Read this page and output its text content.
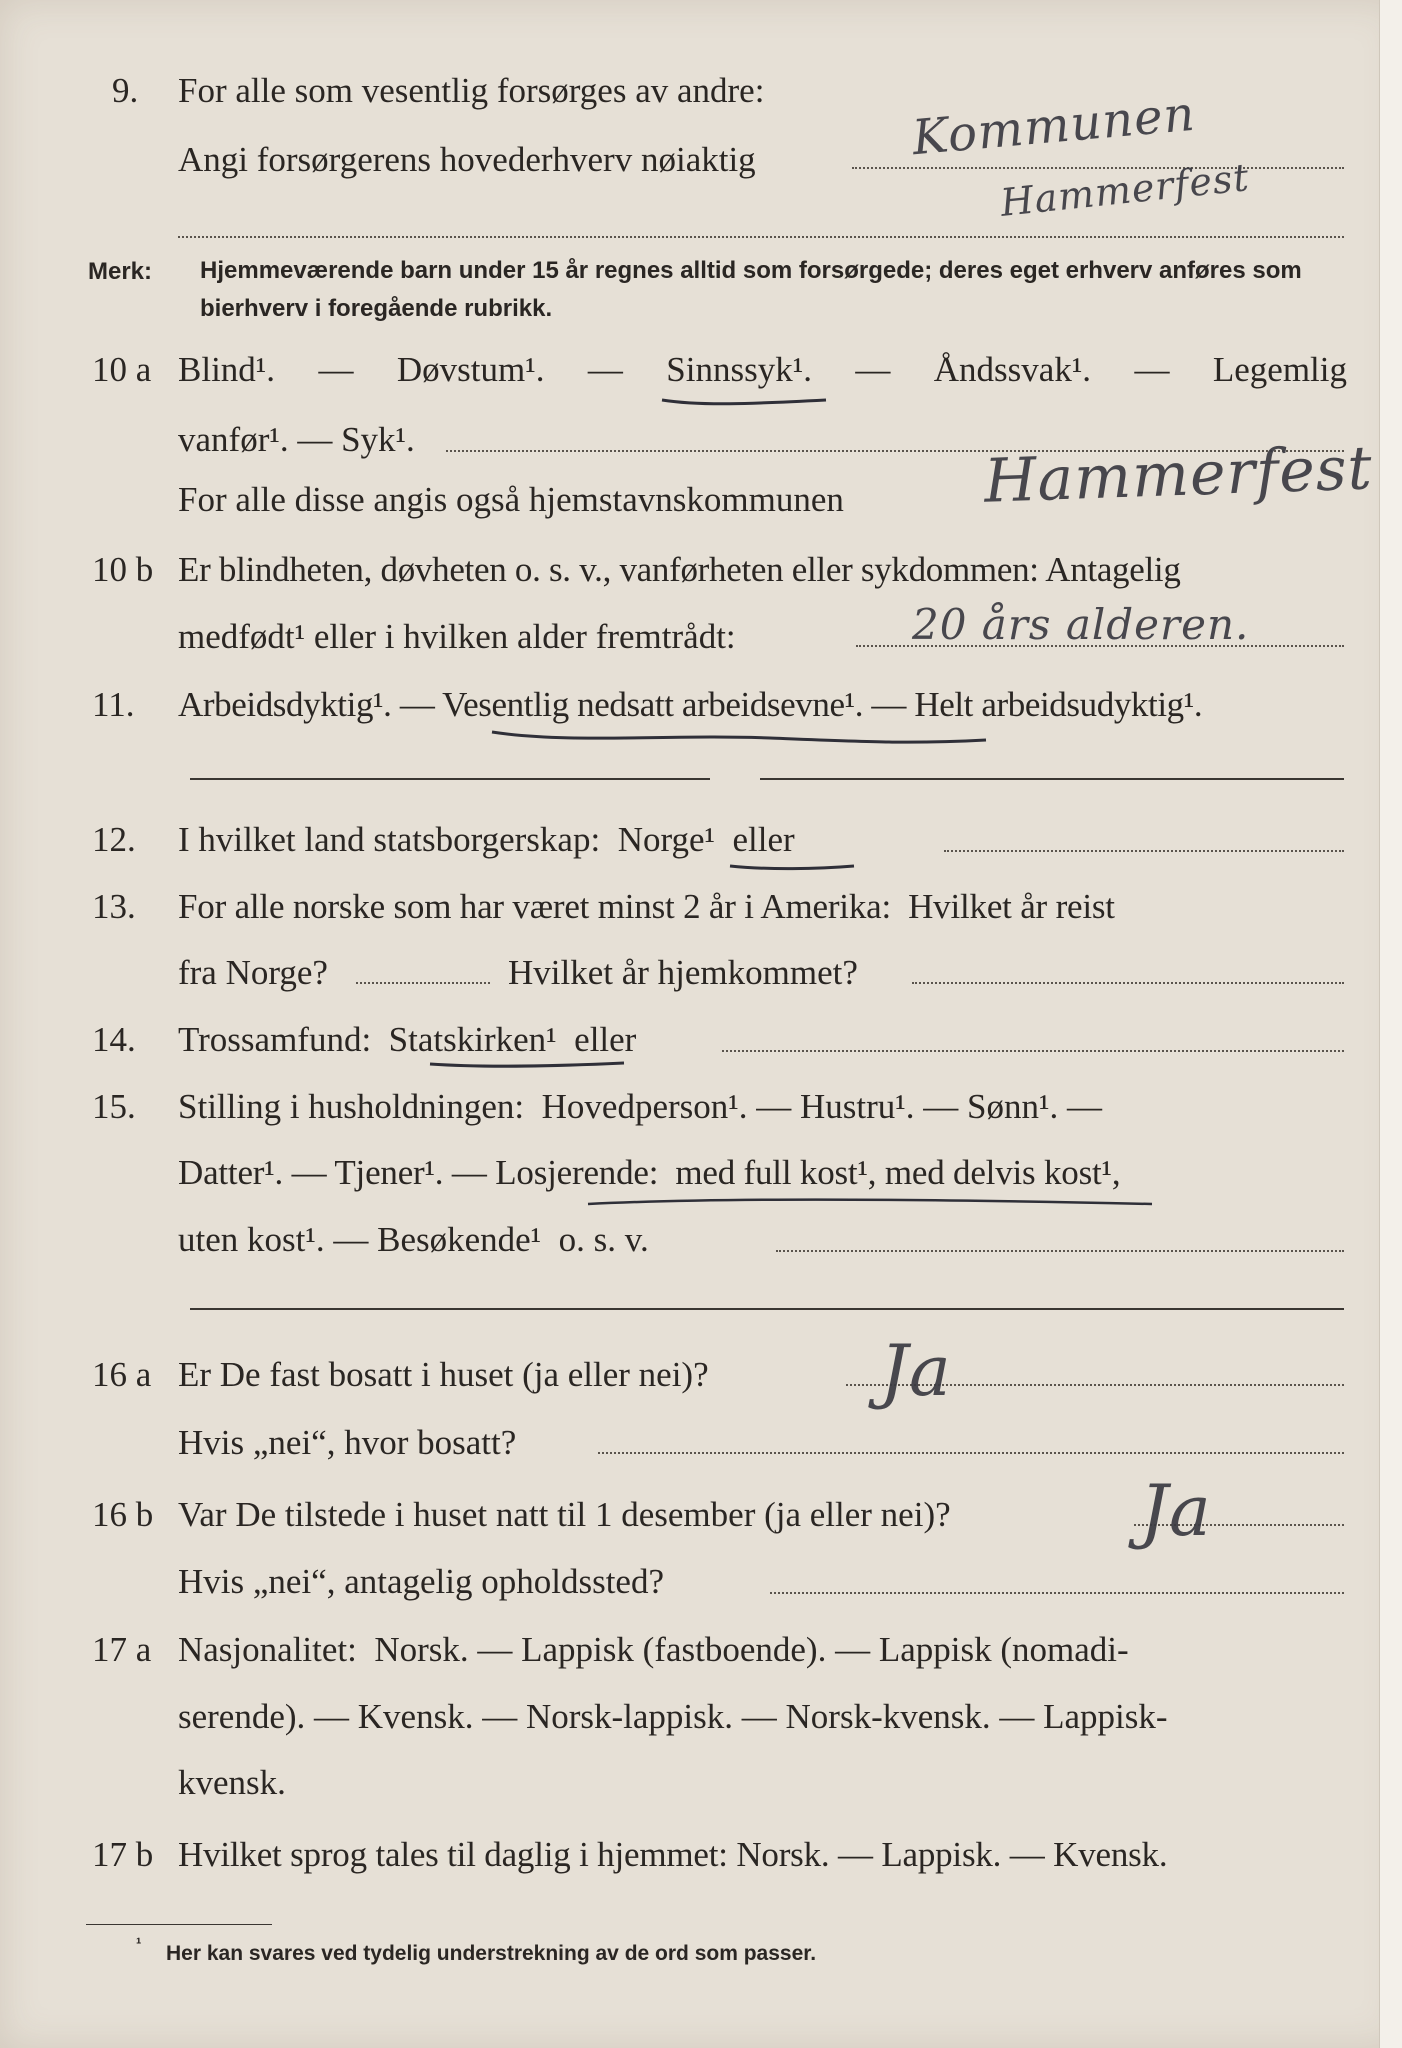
9.	For alle som vesentlig forsørges av andre:	Kommunen
Angi forsørgerens hovederhverv nøiaktig	Hammerfest
Merk: Hjemmeværende barn under 15 år regnes alltid som forsørgede; deres eget erhverv anføres som bierhverv i foregående rubrikk.
10 a Blind¹. — Døvstum¹. — Sinnssyk¹. — Åndssvak¹. — Legemlig
vanfør¹. — Syk¹.
For alle disse angis også hjemstavnskommunen Hammerfest
10 b Er blindheten, døvheten o. s. v., vanførheten eller sykdommen: Antagelig
medfødt¹ eller i hvilken alder fremtrådt:	20 års alderen.
11.	Arbeidsdyktig¹. — Vesentlig nedsatt arbeidsevne¹. — Helt arbeidsudyktig¹.
12.	I hvilket land statsborgerskap:  Norge¹  eller
13.	For alle norske som har været minst 2 år i Amerika:  Hvilket år reist
fra Norge?	Hvilket år hjemkommet?
14.	Trossamfund:  Statskirken¹  eller
15.	Stilling i husholdningen:  Hovedperson¹. — Hustru¹. — Sønn¹. —
Datter¹. — Tjener¹. — Losjerende:  med full kost¹, med delvis kost¹,
uten kost¹. — Besøkende¹  o. s. v.
16 a Er De fast bosatt i huset (ja eller nei)? Ja
Hvis „nei“, hvor bosatt?
16 b Var De tilstede i huset natt til 1 desember (ja eller nei)?	Ja
Hvis „nei“, antagelig opholdssted?
17 a Nasjonalitet:  Norsk. — Lappisk (fastboende). — Lappisk (nomadi-
serende). — Kvensk. — Norsk-lappisk. — Norsk-kvensk. — Lappisk-
kvensk.
17 b Hvilket sprog tales til daglig i hjemmet: Norsk. — Lappisk. — Kvensk.
¹ Her kan svares ved tydelig understrekning av de ord som passer.
